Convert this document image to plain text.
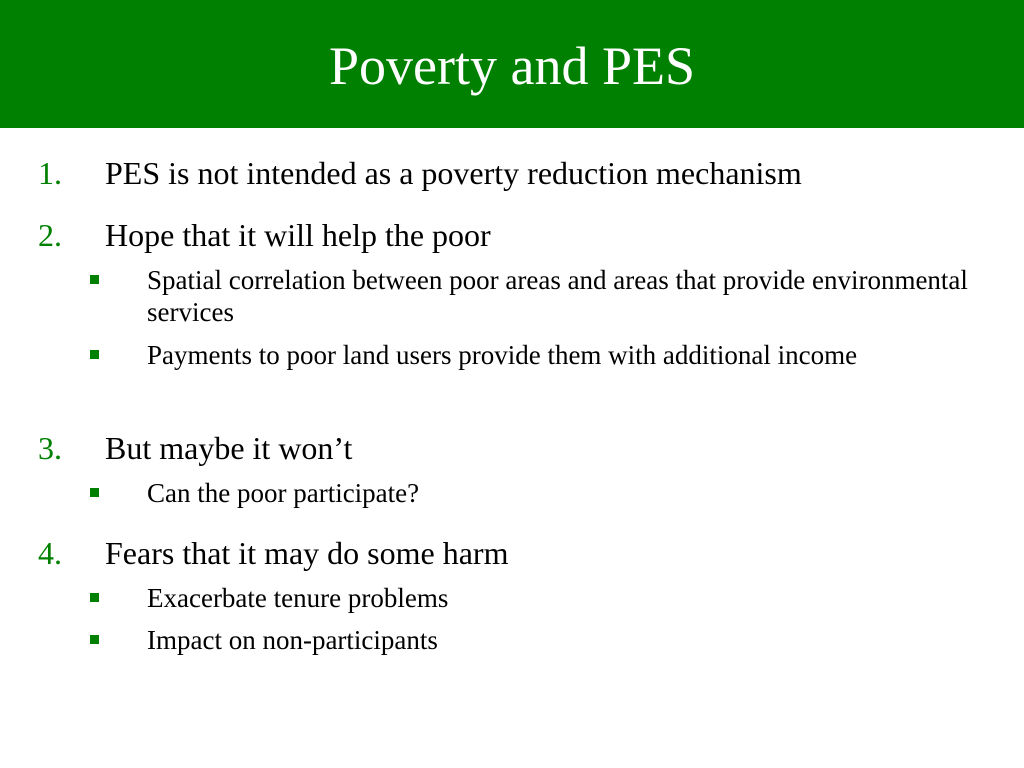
Poverty and PES
1. PES is not intended as a poverty reduction mechanism
2. Hope that it will help the poor
Spatial correlation between poor areas and areas that provide environmental services
Payments to poor land users provide them with additional income
3. But maybe it won’t
Can the poor participate?
4. Fears that it may do some harm
Exacerbate tenure problems
Impact on non-participants
